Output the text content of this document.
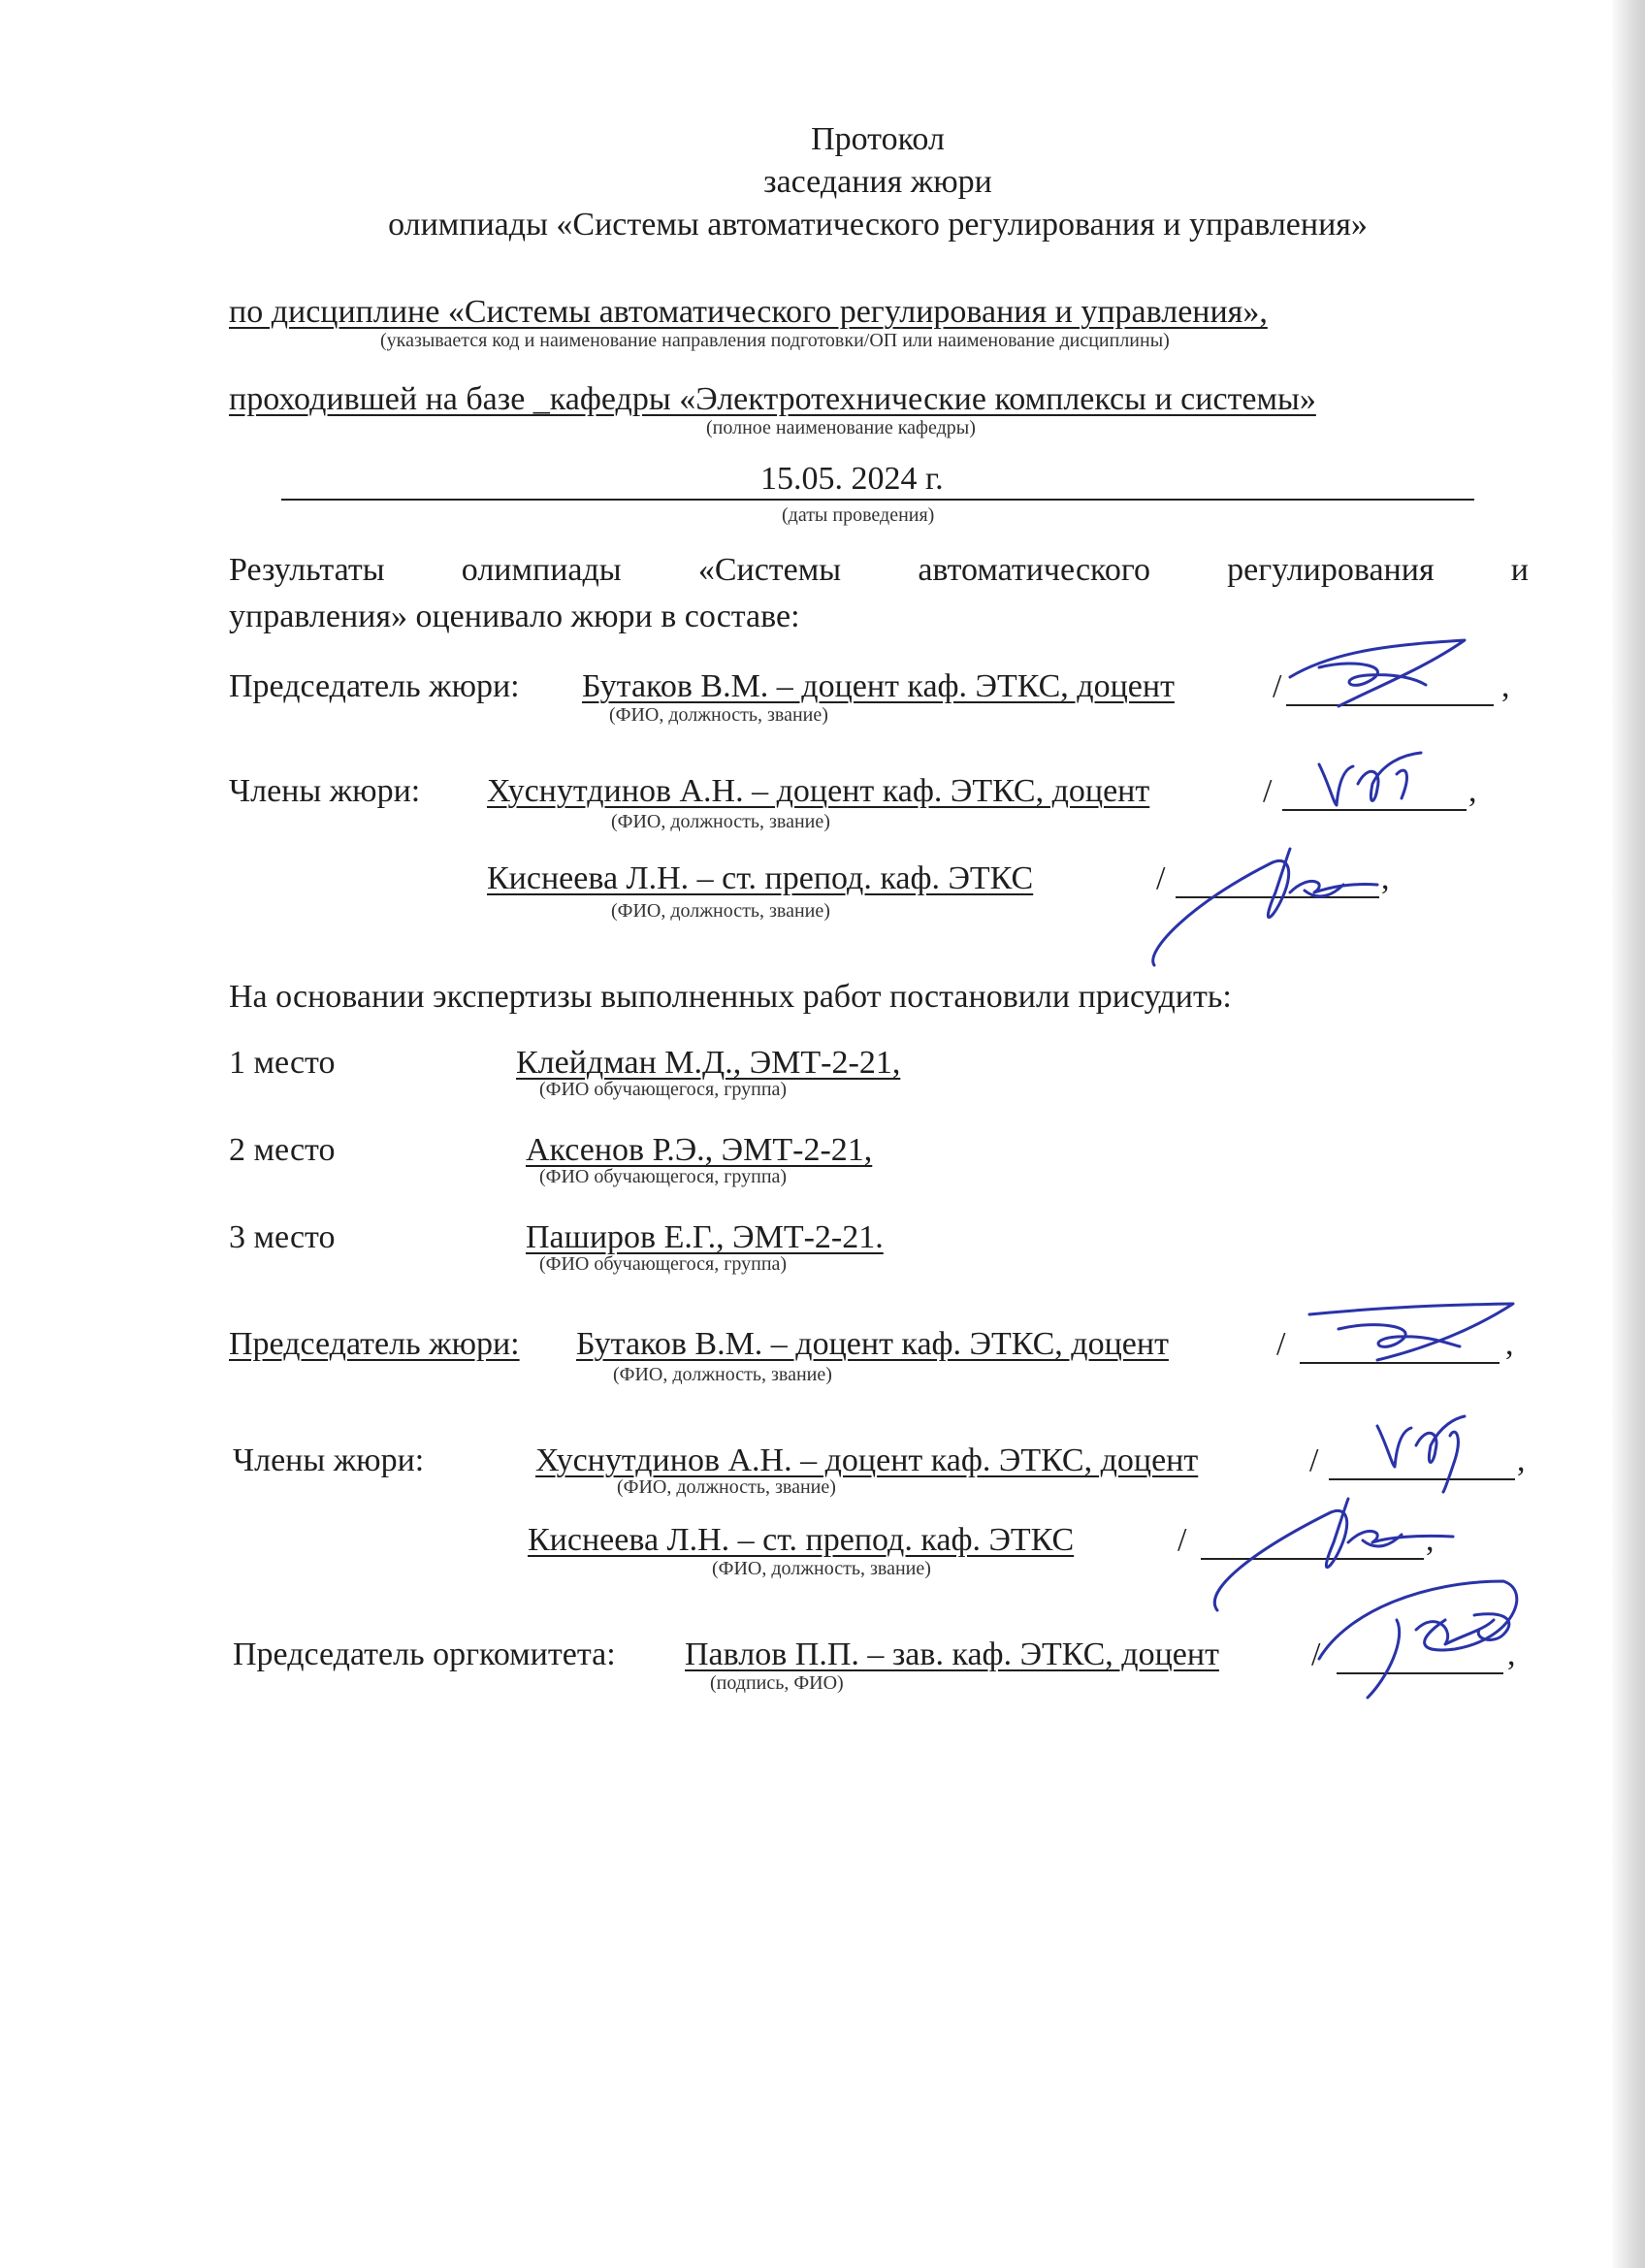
Протокол
заседания жюри
олимпиады «Системы автоматического регулирования и управления»
по дисциплине «Системы автоматического регулирования и управления»,
(указывается код и наименование направления подготовки/ОП или наименование дисциплины)
проходившей на базе _кафедры «Электротехнические комплексы и системы»
(полное наименование кафедры)
15.05. 2024 г.
(даты проведения)
Результаты олимпиады «Системы автоматического регулирования и
управления» оценивало жюри в составе:
Председатель жюри: Бутаков В.М. – доцент каф. ЭТКС, доцент	/	,
(ФИО, должность, звание)
Члены жюри: Хуснутдинов А.Н. – доцент каф. ЭТКС, доцент	/	,
(ФИО, должность, звание)
Киснеева Л.Н. – ст. препод. каф. ЭТКС	/	,
(ФИО, должность, звание)
На основании экспертизы выполненных работ постановили присудить:
1 место	Клейдман М.Д., ЭМТ-2-21,
(ФИО обучающегося, группа)
2 место	Аксенов Р.Э., ЭМТ-2-21,
(ФИО обучающегося, группа)
3 место	Паширов Е.Г., ЭМТ-2-21.
(ФИО обучающегося, группа)
Председатель жюри: Бутаков В.М. – доцент каф. ЭТКС, доцент	/	,
(ФИО, должность, звание)
Члены жюри:	Хуснутдинов А.Н. – доцент каф. ЭТКС, доцент	/	,
(ФИО, должность, звание)
Киснеева Л.Н. – ст. препод. каф. ЭТКС	/	,
(ФИО, должность, звание)
Председатель оргкомитета: Павлов П.П. – зав. каф. ЭТКС, доцент	/	,
(подпись, ФИО)
